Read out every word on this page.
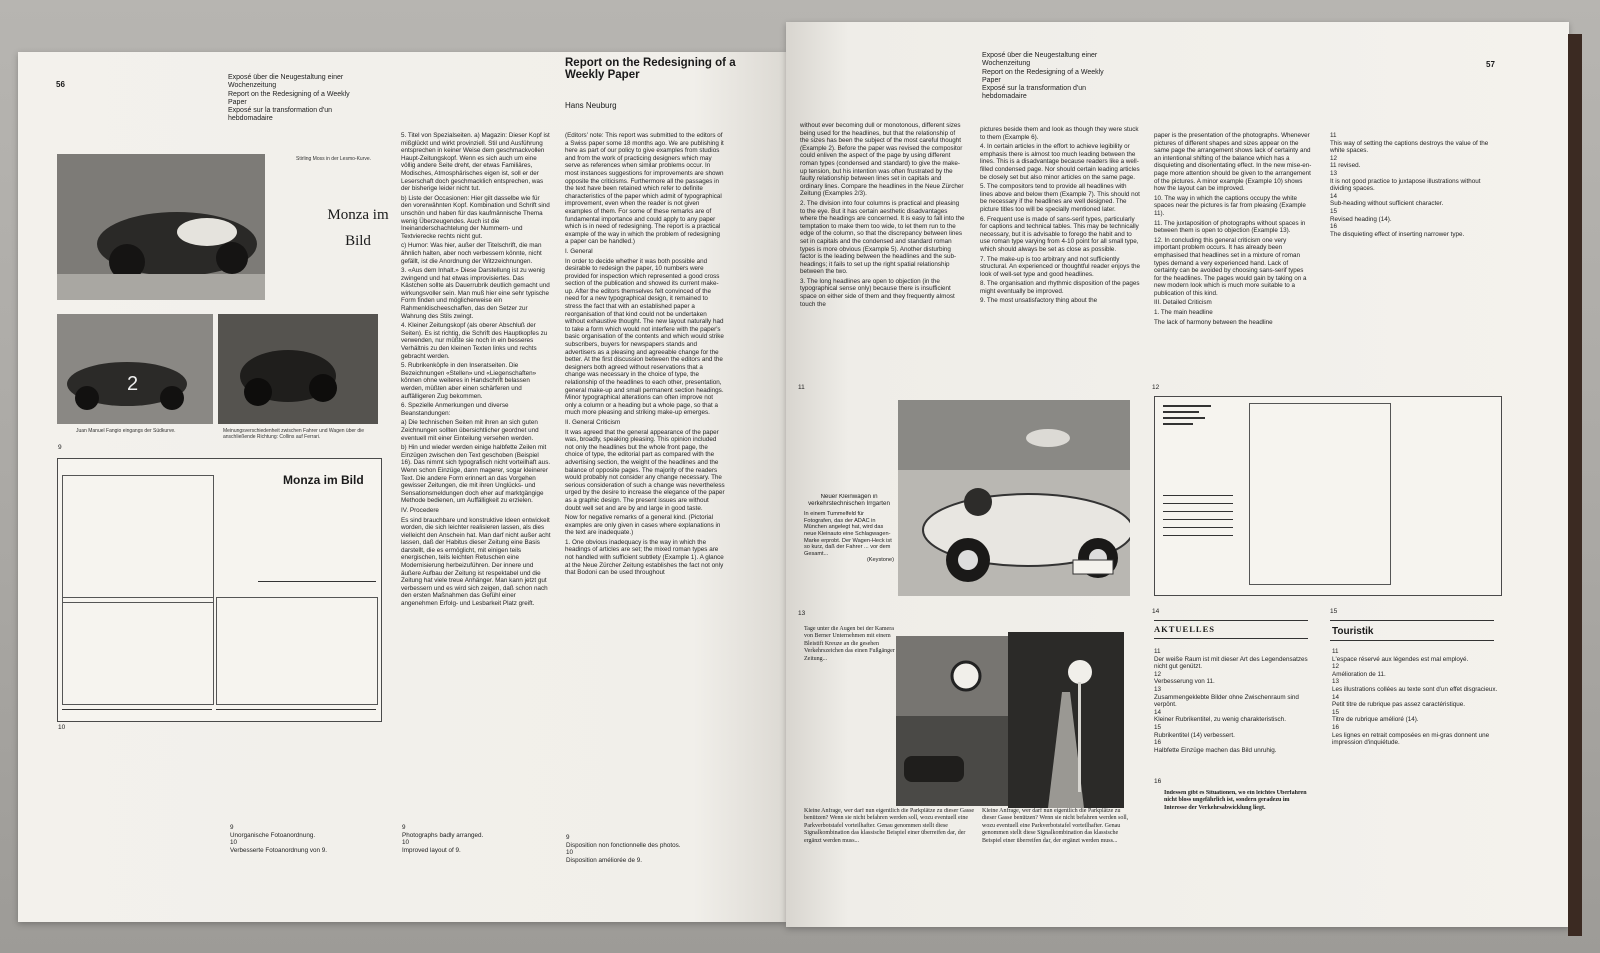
56
Exposé über die Neugestaltung einer
Wochenzeitung
Report on the Redesigning of a Weekly
Paper
Exposé sur la transformation d'un
hebdomadaire
Report on the Redesigning of a Weekly Paper
Hans Neuburg
Stirling Moss in der Lesmo-Kurve.
Monza im Bild
2
Juan Manuel Fangio eingangs der Südkurve.	Meinungsverschiedenheit zwischen Fahrer und Wagen über die anschließende Richtung: Collins auf Ferrari.
9
Monza im Bild
10

5. Titel von Spezialseiten. a) Magazin: Dieser Kopf ist mißglückt und wirkt provinziell. Stil und Ausführung entsprechen in keiner Weise dem geschmackvollen Haupt-Zeitungskopf. Wenn es sich auch um eine völlig andere Seite dreht, der etwas Familiäres, Modisches, Atmosphärisches eigen ist, soll er der Leserschaft doch geschmacklich entsprechen, was der bisherige leider nicht tut.

b) Liste der Occasionen: Hier gilt dasselbe wie für den vorerwähnten Kopf. Kombination und Schrift sind unschön und haben für das kaufmännische Thema wenig Überzeugendes. Auch ist die Ineinanderschachtelung der Nummern- und Textvierecke rechts nicht gut.

c) Humor: Was hier, außer der Titelschrift, die man ähnlich halten, aber noch verbessern könnte, nicht gefällt, ist die Anordnung der Witzzeichnungen.

3. «Aus dem Inhalt.» Diese Darstellung ist zu wenig zwingend und hat etwas improvisiertes. Das Kästchen sollte als Dauerrubrik deutlich gemacht und wirkungsvoller sein. Man muß hier eine sehr typische Form finden und möglicherweise ein Rahmenklischeeschaffen, das den Setzer zur Wahrung des Stils zwingt.

4. Kleiner Zeitungskopf (als oberer Abschluß der Seiten). Es ist richtig, die Schrift des Hauptkopfes zu verwenden, nur müßte sie noch in ein besseres Verhältnis zu den kleinen Texten links und rechts gebracht werden.

5. Rubrikenköpfe in den Inseratseiten. Die Bezeichnungen «Stellen» und «Liegenschaften» können ohne weiteres in Handschrift belassen werden, müßten aber einen schärferen und auffälligeren Zug bekommen.

6. Spezielle Anmerkungen und diverse Beanstandungen:

a) Die technischen Seiten mit ihren an sich guten Zeichnungen sollten übersichtlicher geordnet und eventuell mit einer Einteilung versehen werden.

b) Hin und wieder werden einige halbfette Zeilen mit Einzügen zwischen den Text geschoben (Beispiel 16). Das nimmt sich typografisch nicht vorteilhaft aus. Wenn schon Einzüge, dann magerer, sogar kleinerer Text. Die andere Form erinnert an das Vorgehen gewisser Zeitungen, die mit ihren Unglücks- und Sensationsmeldungen doch eher auf marktgängige Methode bedienen, um Auffälligkeit zu erzielen.

IV. Procedere

Es sind brauchbare und konstruktive Ideen entwickelt worden, die sich leichter realisieren lassen, als dies vielleicht den Anschein hat. Man darf nicht außer acht lassen, daß der Habitus dieser Zeitung eine Basis darstellt, die es ermöglicht, mit einigen teils energischen, teils leichten Retuschen eine Modernisierung herbeizuführen. Der innere und äußere Aufbau der Zeitung ist respektabel und die Zeitung hat viele treue Anhänger. Man kann jetzt gut verbessern und es wird sich zeigen, daß schon nach den ersten Maßnahmen das Gefühl einer angenehmen Erfolg- und Lesbarkeit Platz greift.

(Editors' note: This report was submitted to the editors of a Swiss paper some 18 months ago. We are publishing it here as part of our policy to give examples from studios and from the work of practicing designers which may serve as references when similar problems occur. In most instances suggestions for improvements are shown opposite the criticisms. Furthermore all the passages in the text have been retained which refer to definite characteristics of the paper which admit of typographical improvement, even when the reader is not given examples of them. For some of these remarks are of fundamental importance and could apply to any paper which is in need of redesigning. The report is a practical example of the way in which the problem of redesigning a paper can be handled.)

I. General

In order to decide whether it was both possible and desirable to redesign the paper, 10 numbers were provided for inspection which represented a good cross section of the publication and showed its current make-up. After the editors themselves felt convinced of the need for a new typographical design, it remained to stress the fact that with an established paper a reorganisation of that kind could not be undertaken without exhaustive thought. The new layout naturally had to take a form which would not interfere with the paper's basic organisation of the contents and which would strike subscribers, buyers for newspapers stands and advertisers as a pleasing and agreeable change for the better. At the first discussion between the editors and the designers both agreed without reservations that a change was necessary in the choice of type, the relationship of the headlines to each other, presentation, general make-up and small permanent section headings. Minor typographical alterations can often improve not only a column or a heading but a whole page, so that a much more pleasing and striking make-up emerges.

II. General Criticism

It was agreed that the general appearance of the paper was, broadly, speaking pleasing. This opinion included not only the headlines but the whole front page, the choice of type, the editorial part as compared with the advertising section, the weight of the headlines and the balance of opposite pages. The majority of the readers would probably not consider any change necessary. The serious consideration of such a change was nevertheless urged by the desire to increase the elegance of the paper as a graphic design. The present issues are without doubt well set and are by and large in good taste.

Now for negative remarks of a general kind. (Pictorial examples are only given in cases where explanations in the text are inadequate.)

1. One obvious inadequacy is the way in which the headings of articles are set; the mixed roman types are not handled with sufficient subtlety (Example 1). A glance at the Neue Zürcher Zeitung establishes the fact not only that Bodoni can be used throughout

9
Unorganische Fotoanordnung.
10
Verbesserte Fotoanordnung von 9.
9
Photographs badly arranged.
10
Improved layout of 9.
9
Disposition non fonctionnelle des photos.
10
Disposition améliorée de 9.
57
Exposé über die Neugestaltung einer
Wochenzeitung
Report on the Redesigning of a Weekly
Paper
Exposé sur la transformation d'un
hebdomadaire

without ever becoming dull or monotonous, different sizes being used for the headlines, but that the relationship of the sizes has been the subject of the most careful thought (Example 2). Before the paper was revised the compositor could enliven the aspect of the page by using different roman types (condensed and standard) to give the make-up tension, but his intention was often frustrated by the faulty relationship between lines set in capitals and ordinary lines. Compare the headlines in the Neue Zürcher Zeitung (Examples 2/3).

2. The division into four columns is practical and pleasing to the eye. But it has certain aesthetic disadvantages where the headings are concerned. It is easy to fall into the temptation to make them too wide, to let them run to the edge of the column, so that the discrepancy between lines set in capitals and the condensed and standard roman types is more obvious (Example 5). Another disturbing factor is the leading between the headlines and the sub-headings; it fails to set up the right spatial relationship between the two.

3. The long headlines are open to objection (in the typographical sense only) because there is insufficient space on either side of them and they frequently almost touch the

pictures beside them and look as though they were stuck to them (Example 6).

4. In certain articles in the effort to achieve legibility or emphasis there is almost too much leading between the lines. This is a disadvantage because readers like a well-filled condensed page. Nor should certain leading articles be closely set but also minor articles on the same page.

5. The compositors tend to provide all headlines with lines above and below them (Example 7). This should not be necessary if the headlines are well designed. The picture titles too will be specially mentioned later.

6. Frequent use is made of sans-serif types, particularly for captions and technical tables. This may be technically necessary, but it is advisable to forego the habit and to use roman type varying from 4-10 point for all small type, which should always be set as close as possible.

7. The make-up is too arbitrary and not sufficiently structural. An experienced or thoughtful reader enjoys the look of well-set type and good headlines.

8. The organisation and rhythmic disposition of the pages might eventually be improved.

9. The most unsatisfactory thing about the

paper is the presentation of the photographs. Whenever pictures of different shapes and sizes appear on the same page the arrangement shows lack of certainty and an intentional shifting of the balance which has a disquieting and disorientating effect. In the new mise-en-page more attention should be given to the arrangement of the pictures. A minor example (Example 10) shows how the layout can be improved.

10. The way in which the captions occupy the white spaces near the pictures is far from pleasing (Example 11).

11. The juxtaposition of photographs without spaces in between them is open to objection (Example 13).

12. In concluding this general criticism one very important problem occurs. It has already been emphasised that headlines set in a mixture of roman types demand a very experienced hand. Lack of certainty can be avoided by choosing sans-serif types for the headlines. The pages would gain by taking on a new modern look which is much more suitable to a publication of this kind.

III. Detailed Criticism

1. The main headline

The lack of harmony between the headline

11
This way of setting the captions destroys the value of the white spaces.
12
11 revised.
13
It is not good practice to juxtapose illustrations without dividing spaces.
14
Sub-heading without sufficient character.
15
Revised heading (14).
16
The disquieting effect of inserting narrower type.
11
Neuer Kleinwagen in verkehrstechnischen Irrgarten
In einem Tummelfeld für Fotografen, das der ADAC in München angelegt hat, wird das neue Kleinauto eine Schlagwagen-Marke erprobt. Der Wagen-Heck ist so kurz, daß der Fahrer ... vor dem Gesamt...
(Keystone)
12
13
Tage unter die Augen bei der Kamera von Berner Unternehmen mit einem Bleistift Kreuze an die gesehen Verkehrszeichen das einen Fußgänger Zeitung...
Kleine Anfrage, wer darf nun eigentlich die Parkplätze zu dieser Gasse benützen? Wenn sie nicht befahren werden soll, wozu eventuell eine Parkverbotstafel vorteilhafter. Genau genommen stellt diese Signalkombination das klassische Beispiel einer überreifen dar, der ergänzt werden muss...
Kleine Anfrage, wer darf nun eigentlich die Parkplätze zu dieser Gasse benützen? Wenn sie nicht befahren werden soll, wozu eventuell eine Parkverbotstafel vorteilhafter. Genau genommen stellt diese Signalkombination das klassische Beispiel einer überreifen dar, der ergänzt werden muss...
14
AKTUELLES
11
Der weiße Raum ist mit dieser Art des Legendensatzes nicht gut genützt.
12
Verbesserung von 11.
13
Zusammengeklebte Bilder ohne Zwischenraum sind verpönt.
14
Kleiner Rubrikentitel, zu wenig charakteristisch.
15
Rubrikentitel (14) verbessert.
16
Halbfette Einzüge machen das Bild unruhig.
15
Touristik
11
L'espace réservé aux légendes est mal employé.
12
Amélioration de 11.
13
Les illustrations collées au texte sont d'un effet disgracieux.
14
Petit titre de rubrique pas assez caractéristique.
15
Titre de rubrique amélioré (14).
16
Les lignes en retrait composées en mi-gras donnent une impression d'inquiétude.
16
Indessen gibt es Situationen, wo ein leichtes Überfahren nicht bloss ungefährlich ist, sondern geradezu im Interesse der Verkehrsabwicklung liegt.
